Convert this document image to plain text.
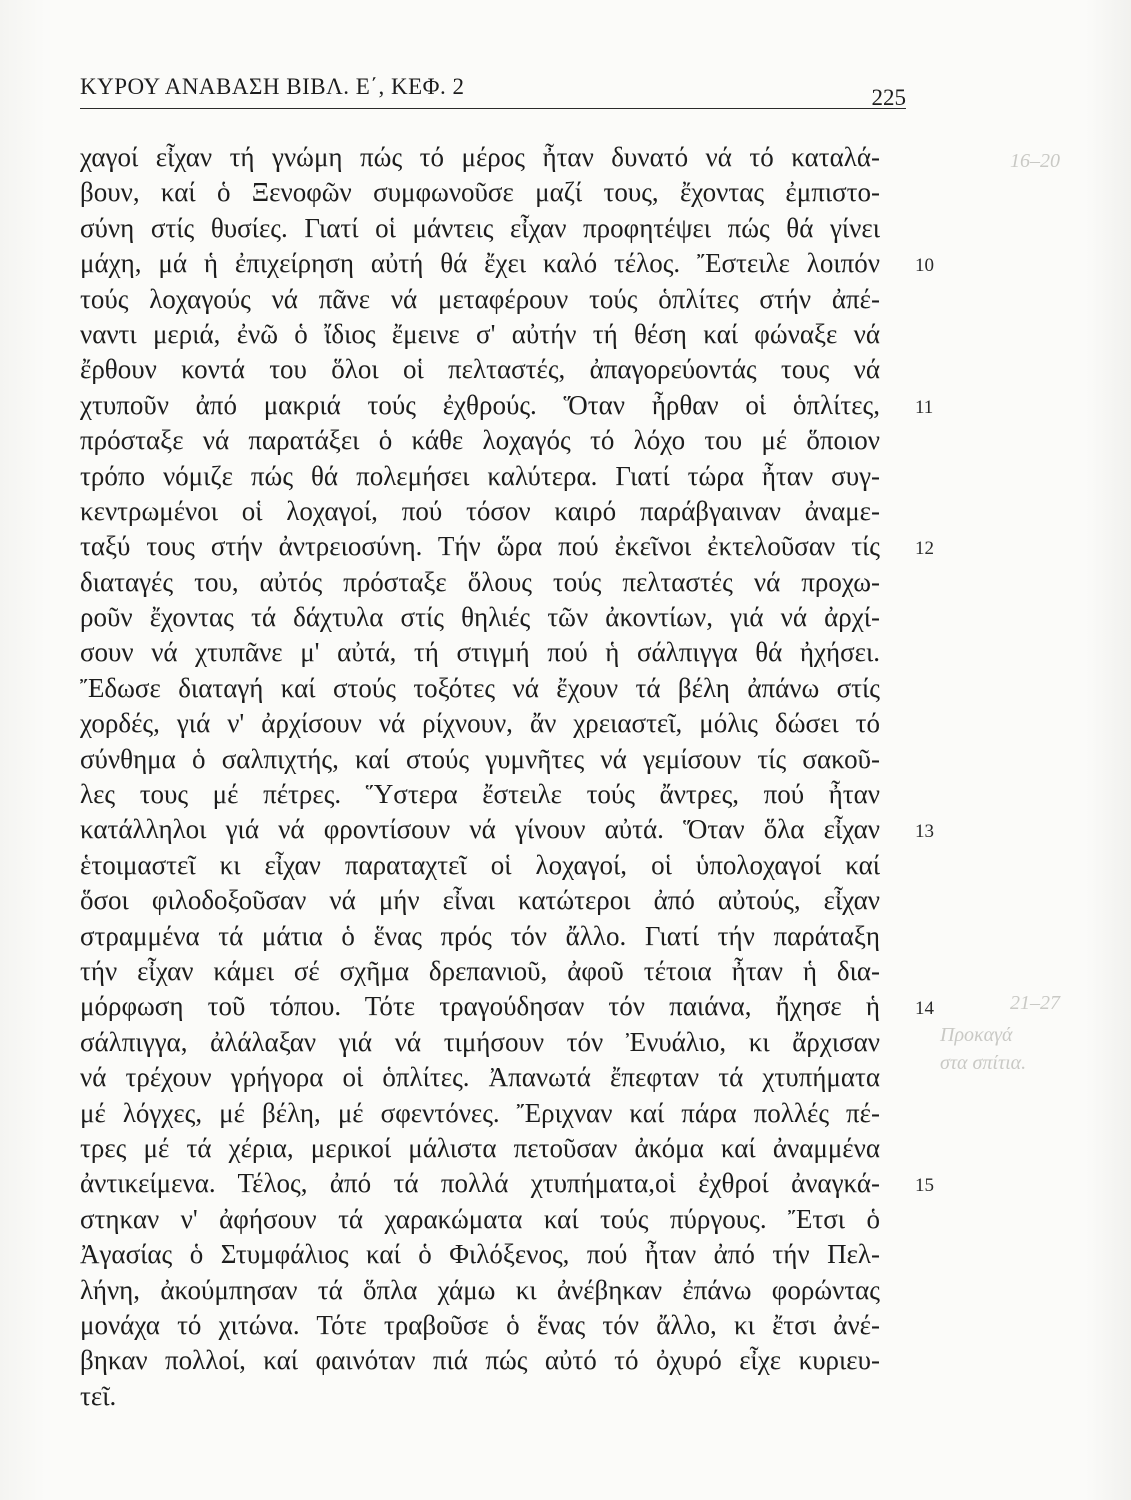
16–20
21–27
Προκαγά
στα σπίτια.
ΚΥΡΟΥ ΑΝΑΒΑΣΗ ΒΙΒΛ. Ε΄, ΚΕΦ. 2	225
χαγοί εἶχαν τή γνώμη πώς τό μέρος ἦταν δυνατό νά τό καταλά-
βουν, καί ὁ Ξενοφῶν συμφωνοῦσε μαζί τους, ἔχοντας ἐμπιστο-
σύνη στίς θυσίες. Γιατί οἱ μάντεις εἶχαν προφητέψει πώς θά γίνει
μάχη, μά ἡ ἐπιχείρηση αὐτή θά ἔχει καλό τέλος. Ἔστειλε λοιπόν 10
τούς λοχαγούς νά πᾶνε νά μεταφέρουν τούς ὁπλίτες στήν ἀπέ-
ναντι μεριά, ἐνῶ ὁ ἴδιος ἔμεινε σ' αὐτήν τή θέση καί φώναξε νά
ἔρθουν κοντά του ὅλοι οἱ πελταστές, ἀπαγορεύοντάς τους νά
χτυποῦν ἀπό μακριά τούς ἐχθρούς. Ὅταν ἦρθαν οἱ ὁπλίτες, 11
πρόσταξε νά παρατάξει ὁ κάθε λοχαγός τό λόχο του μέ ὅποιον
τρόπο νόμιζε πώς θά πολεμήσει καλύτερα. Γιατί τώρα ἦταν συγ-
κεντρωμένοι οἱ λοχαγοί, πού τόσον καιρό παράβγαιναν ἀναμε-
ταξύ τους στήν ἀντρειοσύνη. Τήν ὥρα πού ἐκεῖνοι ἐκτελοῦσαν τίς 12
διαταγές του, αὐτός πρόσταξε ὅλους τούς πελταστές νά προχω-
ροῦν ἔχοντας τά δάχτυλα στίς θηλιές τῶν ἀκοντίων, γιά νά ἀρχί-
σουν νά χτυπᾶνε μ' αὐτά, τή στιγμή πού ἡ σάλπιγγα θά ἠχήσει.
Ἔδωσε διαταγή καί στούς τοξότες νά ἔχουν τά βέλη ἀπάνω στίς
χορδές, γιά ν' ἀρχίσουν νά ρίχνουν, ἄν χρειαστεῖ, μόλις δώσει τό
σύνθημα ὁ σαλπιχτής, καί στούς γυμνῆτες νά γεμίσουν τίς σακοῦ-
λες τους μέ πέτρες. Ὕστερα ἔστειλε τούς ἄντρες, πού ἦταν
κατάλληλοι γιά νά φροντίσουν νά γίνουν αὐτά. Ὅταν ὅλα εἶχαν 13
ἑτοιμαστεῖ κι εἶχαν παραταχτεῖ οἱ λοχαγοί, οἱ ὑπολοχαγοί καί
ὅσοι φιλοδοξοῦσαν νά μήν εἶναι κατώτεροι ἀπό αὐτούς, εἶχαν
στραμμένα τά μάτια ὁ ἕνας πρός τόν ἄλλο. Γιατί τήν παράταξη
τήν εἶχαν κάμει σέ σχῆμα δρεπανιοῦ, ἀφοῦ τέτοια ἦταν ἡ δια-
μόρφωση τοῦ τόπου. Τότε τραγούδησαν τόν παιάνα, ἤχησε ἡ 14
σάλπιγγα, ἀλάλαξαν γιά νά τιμήσουν τόν Ἐνυάλιο, κι ἄρχισαν
νά τρέχουν γρήγορα οἱ ὁπλίτες. Ἀπανωτά ἔπεφταν τά χτυπήματα
μέ λόγχες, μέ βέλη, μέ σφεντόνες. Ἔριχναν καί πάρα πολλές πέ-
τρες μέ τά χέρια, μερικοί μάλιστα πετοῦσαν ἀκόμα καί ἀναμμένα
ἀντικείμενα. Τέλος, ἀπό τά πολλά χτυπήματα,οἱ ἐχθροί ἀναγκά- 15
στηκαν ν' ἀφήσουν τά χαρακώματα καί τούς πύργους. Ἔτσι ὁ
Ἀγασίας ὁ Στυμφάλιος καί ὁ Φιλόξενος, πού ἦταν ἀπό τήν Πελ-
λήνη, ἀκούμπησαν τά ὅπλα χάμω κι ἀνέβηκαν ἐπάνω φορώντας
μονάχα τό χιτώνα. Τότε τραβοῦσε ὁ ἕνας τόν ἄλλο, κι ἔτσι ἀνέ-
βηκαν πολλοί, καί φαινόταν πιά πώς αὐτό τό ὀχυρό εἶχε κυριευ-
τεῖ.
